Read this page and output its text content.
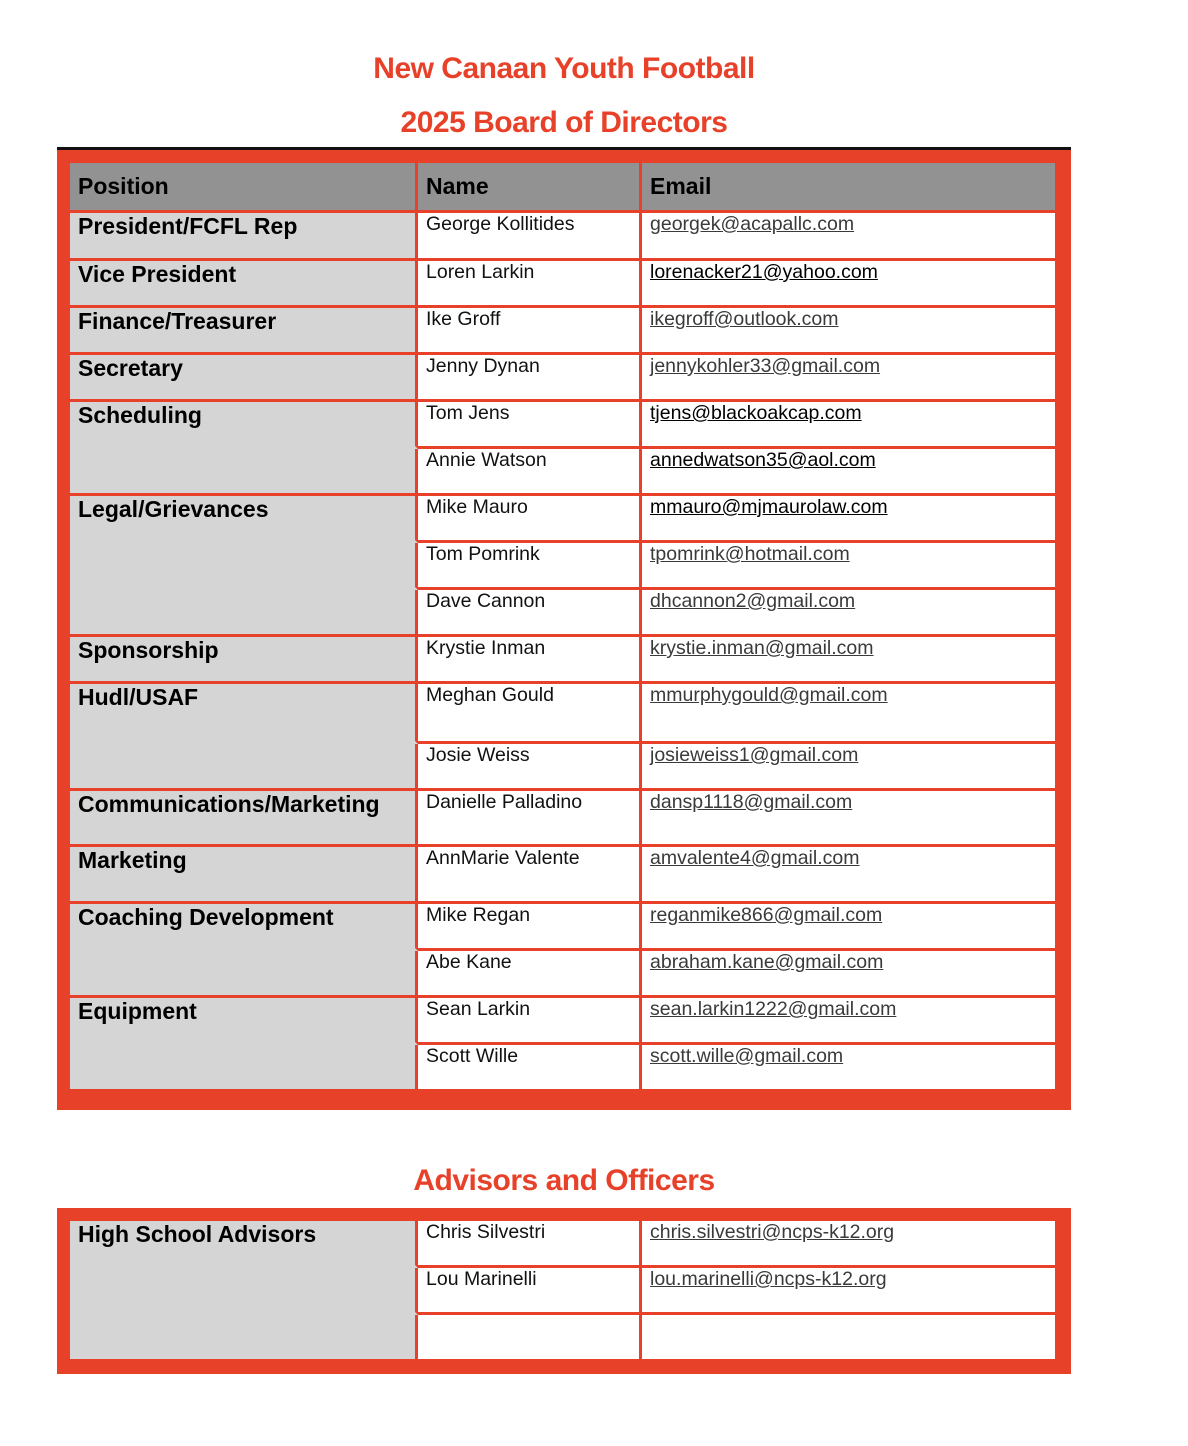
New Canaan Youth Football
2025 Board of Directors
Position	Name	Email
President/FCFL Rep	George Kollitides	georgek@acapallc.com
Vice President	Loren Larkin	lorenacker21@yahoo.com
Finance/Treasurer	Ike Groff	ikegroff@outlook.com
Secretary	Jenny Dynan	jennykohler33@gmail.com
Scheduling	Tom Jens	tjens@blackoakcap.com
	Annie Watson	annedwatson35@aol.com
Legal/Grievances	Mike Mauro	mmauro@mjmaurolaw.com
	Tom Pomrink	tpomrink@hotmail.com
	Dave Cannon	dhcannon2@gmail.com
Sponsorship	Krystie Inman	krystie.inman@gmail.com
Hudl/USAF	Meghan Gould	mmurphygould@gmail.com
	Josie Weiss	josieweiss1@gmail.com
Communications/Marketing	Danielle Palladino	dansp1118@gmail.com
Marketing	AnnMarie Valente	amvalente4@gmail.com
Coaching Development	Mike Regan	reganmike866@gmail.com
	Abe Kane	abraham.kane@gmail.com
Equipment	Sean Larkin	sean.larkin1222@gmail.com
	Scott Wille	scott.wille@gmail.com
Advisors and Officers
High School Advisors	Chris Silvestri	chris.silvestri@ncps-k12.org
	Lou Marinelli	lou.marinelli@ncps-k12.org
